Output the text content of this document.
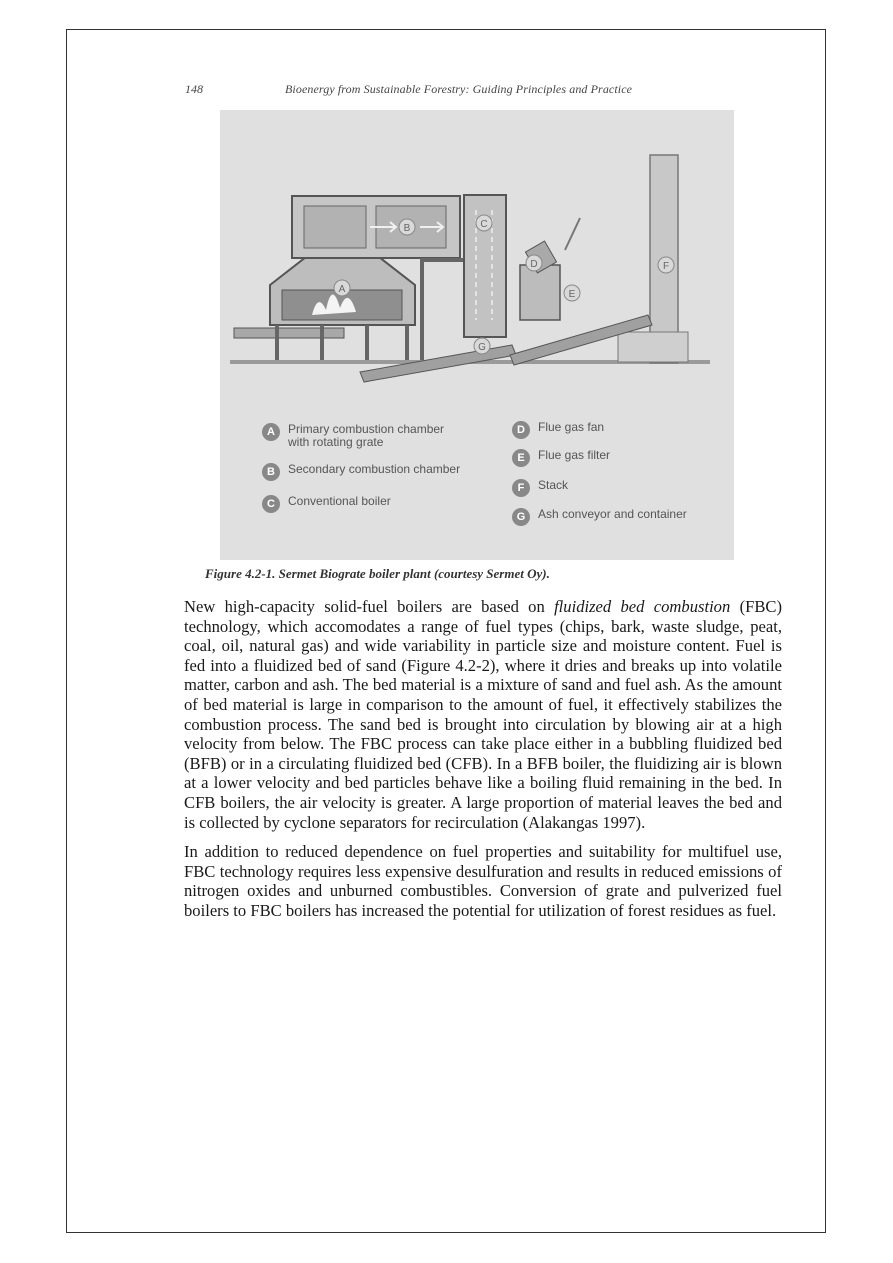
148	Bioenergy from Sustainable Forestry: Guiding Principles and Practice
A
B	C
D
E
F
G
A	Primary combustion chamber with rotating grate
B	Secondary combustion chamber
C	Conventional boiler
D	Flue gas fan
E	Flue gas filter
F	Stack
G	Ash conveyor and container
Figure 4.2-1. Sermet Biograte boiler plant (courtesy Sermet Oy).

New high-capacity solid-fuel boilers are based on fluidized bed combustion (FBC) technology, which accomodates a range of fuel types (chips, bark, waste sludge, peat, coal, oil, natural gas) and wide variability in particle size and moisture content. Fuel is fed into a fluidized bed of sand (Figure 4.2-2), where it dries and breaks up into volatile matter, carbon and ash. The bed material is a mixture of sand and fuel ash. As the amount of bed material is large in comparison to the amount of fuel, it effectively stabilizes the combustion process. The sand bed is brought into circulation by blowing air at a high velocity from below. The FBC process can take place either in a bubbling fluidized bed (BFB) or in a circulating fluidized bed (CFB). In a BFB boiler, the fluidizing air is blown at a lower velocity and bed particles behave like a boiling fluid remaining in the bed. In CFB boilers, the air velocity is greater. A large proportion of material leaves the bed and is collected by cyclone separators for recirculation (Alakangas 1997).

In addition to reduced dependence on fuel properties and suitability for multifuel use, FBC technology requires less expensive desulfuration and results in reduced emissions of nitrogen oxides and unburned combustibles. Conversion of grate and pulverized fuel boilers to FBC boilers has increased the potential for utilization of forest residues as fuel.
